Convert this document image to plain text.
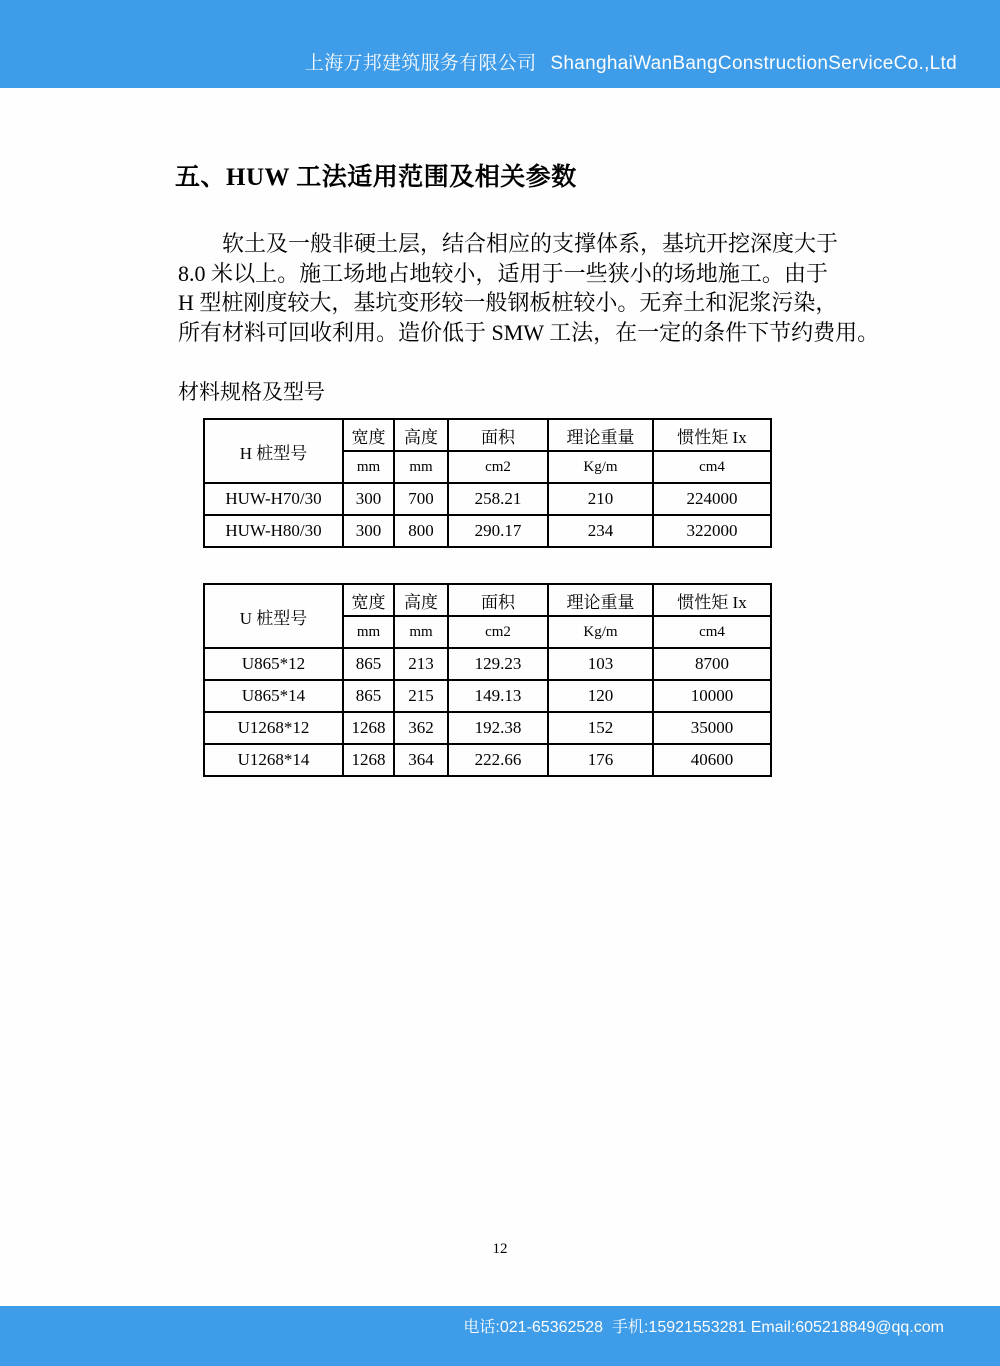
上海万邦建筑服务有限公司 ShanghaiWanBangConstructionServiceCo.,Ltd
五、HUW 工法适用范围及相关参数
软土及一般非硬土层，结合相应的支撑体系，基坑开挖深度大于
8.0 米以上。施工场地占地较小，适用于一些狭小的场地施工。由于
H 型桩刚度较大，基坑变形较一般钢板桩较小。无弃土和泥浆污染，
所有材料可回收利用。造价低于 SMW 工法，在一定的条件下节约费用。
材料规格及型号
H 桩型号	宽度	高度	面积	理论重量	惯性矩 Ix
	mm	mm	cm2	Kg/m	cm4
HUW-H70/30	300	700	258.21	210	224000
HUW-H80/30	300	800	290.17	234	322000
U 桩型号	宽度	高度	面积	理论重量	惯性矩 Ix
	mm	mm	cm2	Kg/m	cm4
U865*12	865	213	129.23	103	8700
U865*14	865	215	149.13	120	10000
U1268*12	1268	362	192.38	152	35000
U1268*14	1268	364	222.66	176	40600
12
电话:021-65362528  手机:15921553281 Email:605218849@qq.com
